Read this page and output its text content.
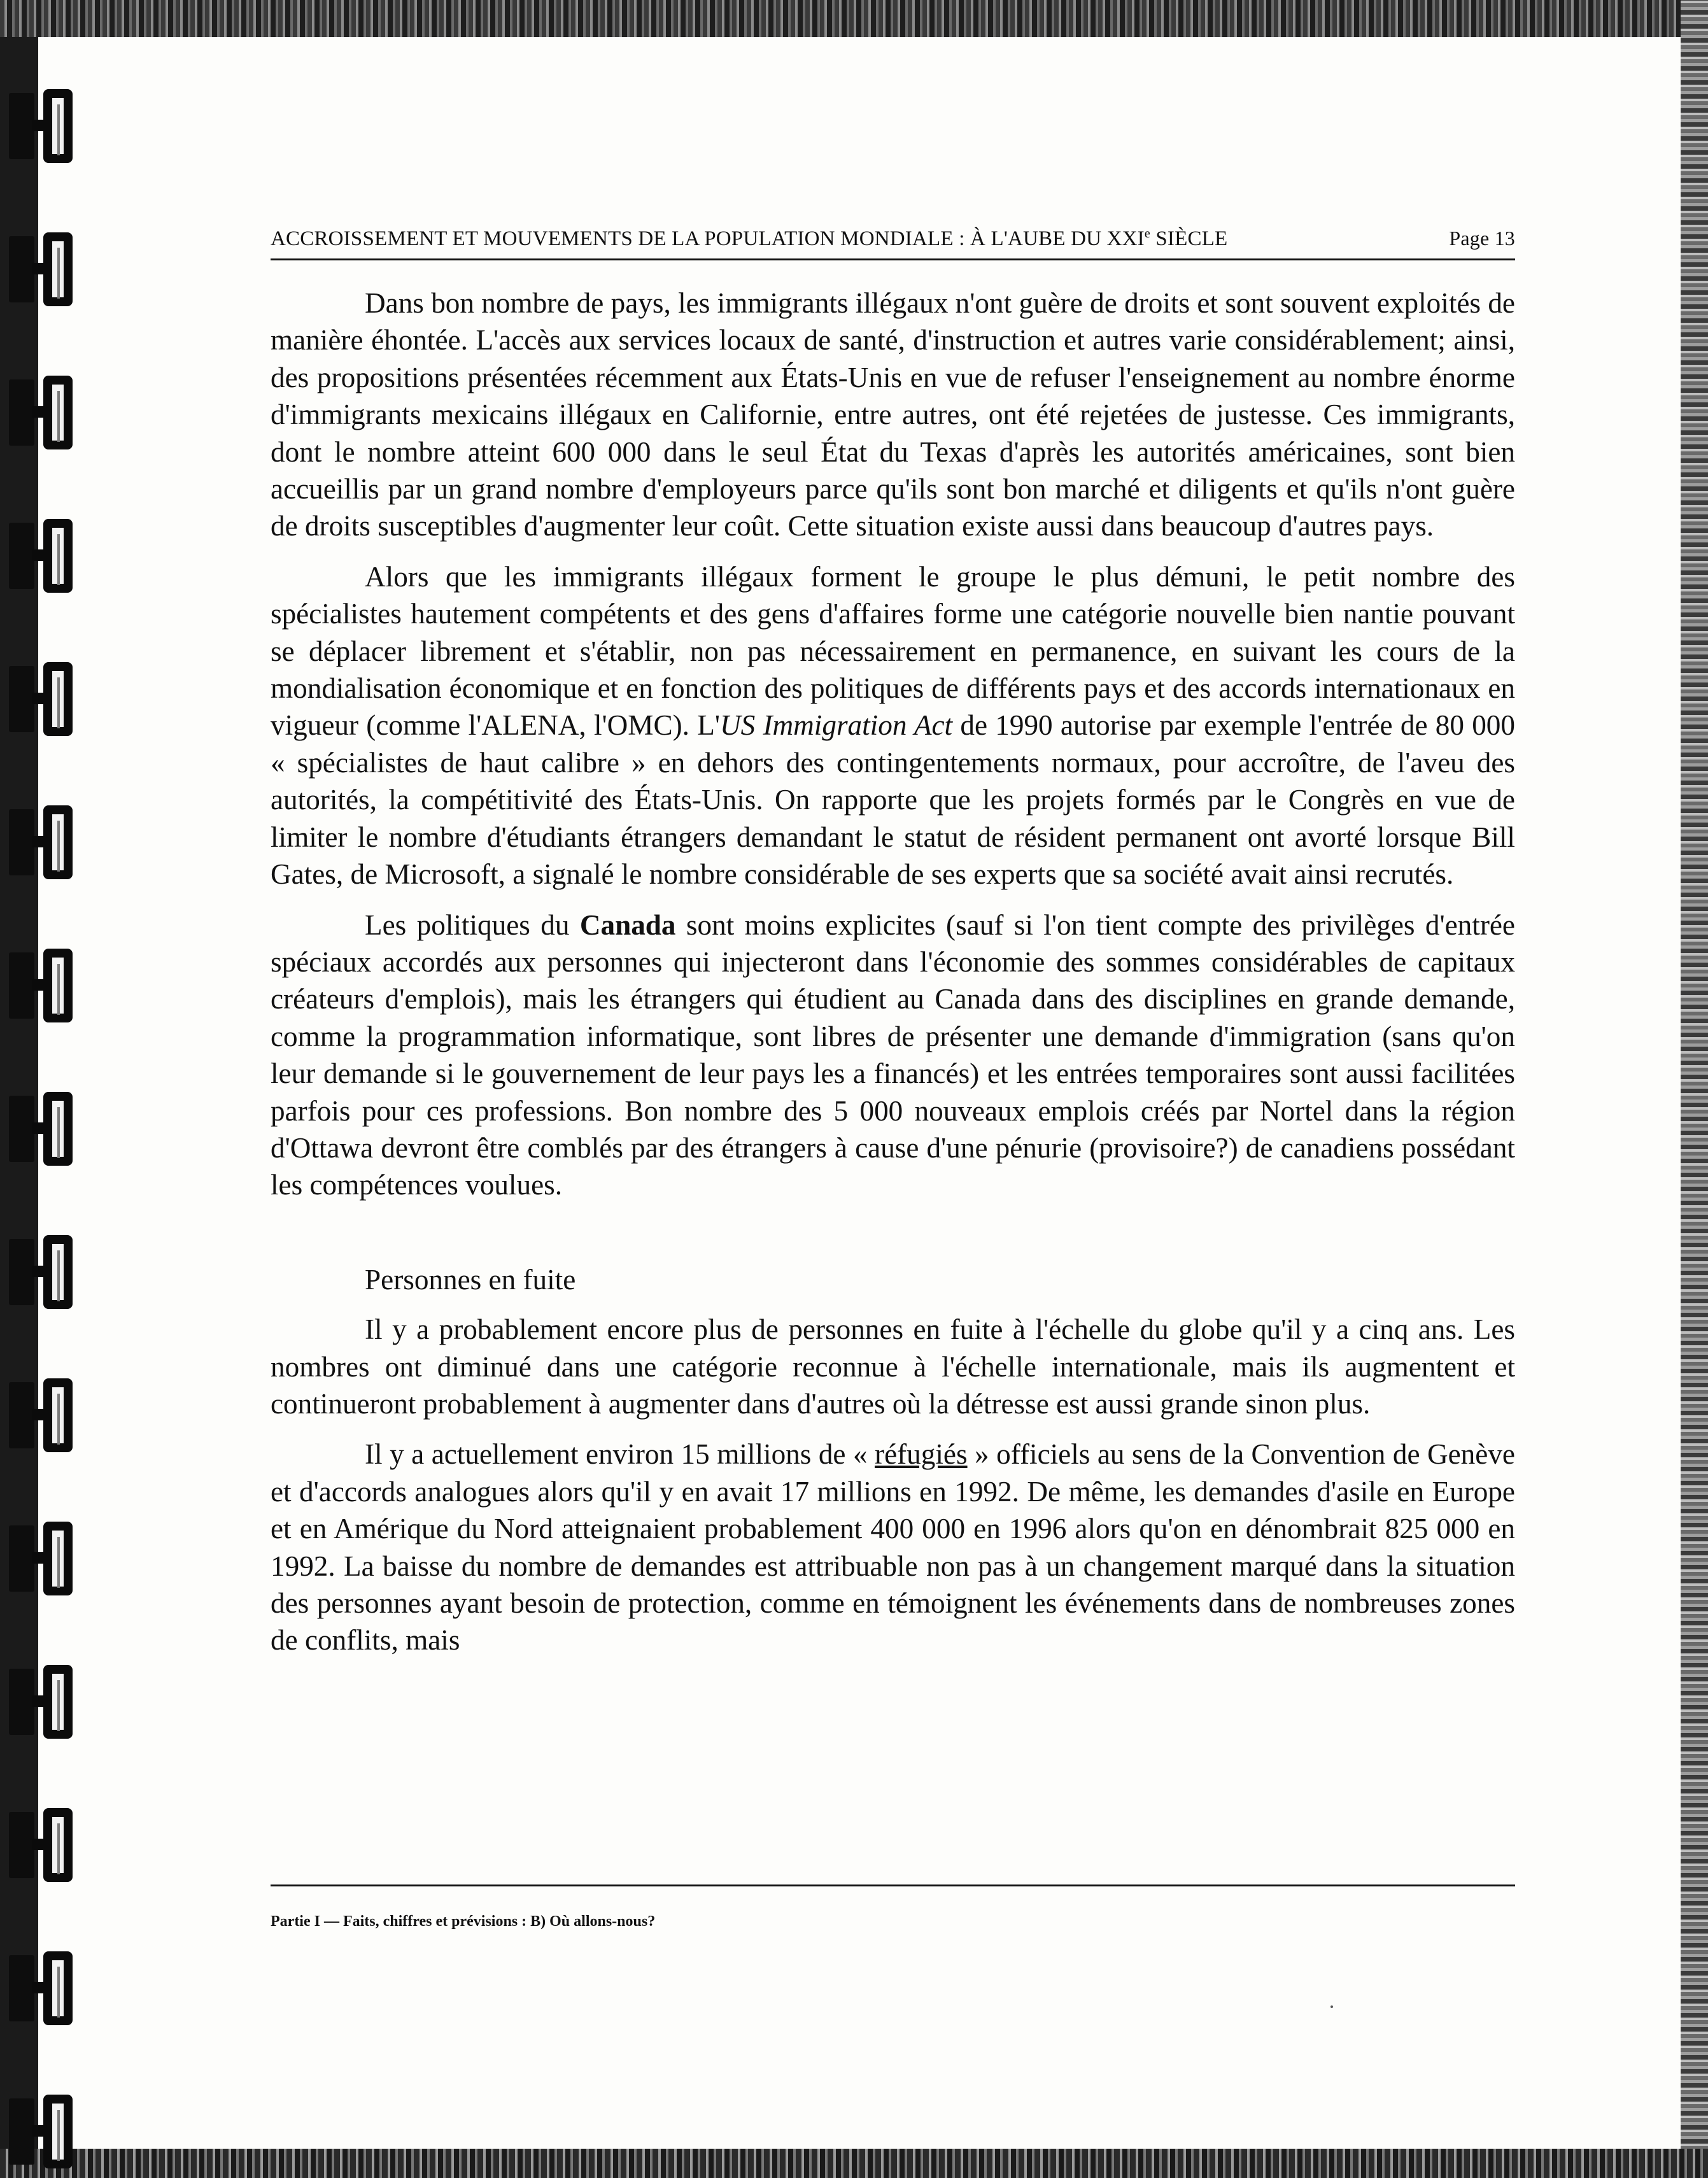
ACCROISSEMENT ET MOUVEMENTS DE LA POPULATION MONDIALE : À L'AUBE DU XXIe SIÈCLE	Page 13

Dans bon nombre de pays, les immigrants illégaux n'ont guère de droits et sont souvent exploités de manière éhontée. L'accès aux services locaux de santé, d'instruction et autres varie considérablement; ainsi, des propositions présentées récemment aux États-Unis en vue de refuser l'enseignement au nombre énorme d'immigrants mexicains illégaux en Californie, entre autres, ont été rejetées de justesse. Ces immigrants, dont le nombre atteint 600 000 dans le seul État du Texas d'après les autorités américaines, sont bien accueillis par un grand nombre d'employeurs parce qu'ils sont bon marché et diligents et qu'ils n'ont guère de droits susceptibles d'augmenter leur coût. Cette situation existe aussi dans beaucoup d'autres pays.

Alors que les immigrants illégaux forment le groupe le plus démuni, le petit nombre des spécialistes hautement compétents et des gens d'affaires forme une catégorie nouvelle bien nantie pouvant se déplacer librement et s'établir, non pas nécessairement en permanence, en suivant les cours de la mondialisation économique et en fonction des politiques de différents pays et des accords internationaux en vigueur (comme l'ALENA, l'OMC). L'US Immigration Act de 1990 autorise par exemple l'entrée de 80 000 « spécialistes de haut calibre » en dehors des contingentements normaux, pour accroître, de l'aveu des autorités, la compétitivité des États-Unis. On rapporte que les projets formés par le Congrès en vue de limiter le nombre d'étudiants étrangers demandant le statut de résident permanent ont avorté lorsque Bill Gates, de Microsoft, a signalé le nombre considérable de ses experts que sa société avait ainsi recrutés.

Les politiques du Canada sont moins explicites (sauf si l'on tient compte des privilèges d'entrée spéciaux accordés aux personnes qui injecteront dans l'économie des sommes considérables de capitaux créateurs d'emplois), mais les étrangers qui étudient au Canada dans des disciplines en grande demande, comme la programmation informatique, sont libres de présenter une demande d'immigration (sans qu'on leur demande si le gouvernement de leur pays les a financés) et les entrées temporaires sont aussi facilitées parfois pour ces professions. Bon nombre des 5 000 nouveaux emplois créés par Nortel dans la région d'Ottawa devront être comblés par des étrangers à cause d'une pénurie (provisoire?) de canadiens possédant les compétences voulues.

Personnes en fuite

Il y a probablement encore plus de personnes en fuite à l'échelle du globe qu'il y a cinq ans. Les nombres ont diminué dans une catégorie reconnue à l'échelle internationale, mais ils augmentent et continueront probablement à augmenter dans d'autres où la détresse est aussi grande sinon plus.

Il y a actuellement environ 15 millions de « réfugiés » officiels au sens de la Convention de Genève et d'accords analogues alors qu'il y en avait 17 millions en 1992. De même, les demandes d'asile en Europe et en Amérique du Nord atteignaient probablement 400 000 en 1996 alors qu'on en dénombrait 825 000 en 1992. La baisse du nombre de demandes est attribuable non pas à un changement marqué dans la situation des personnes ayant besoin de protection, comme en témoignent les événements dans de nombreuses zones de conflits, mais

Partie I — Faits, chiffres et prévisions : B) Où allons-nous?
